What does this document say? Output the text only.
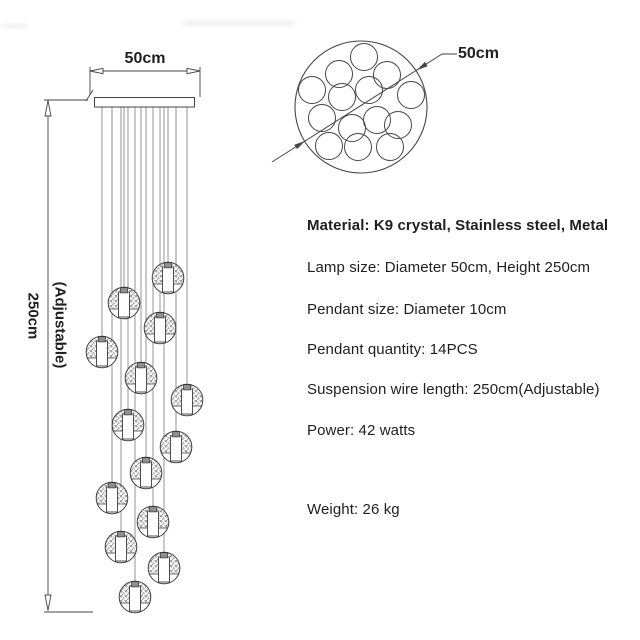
50cm
250cm (Adjustable)
50cm
Material: K9 crystal, Stainless steel, Metal
Lamp size: Diameter 50cm, Height 250cm
Pendant size: Diameter 10cm
Pendant quantity: 14PCS
Suspension wire length: 250cm(Adjustable)
Power: 42 watts
Weight: 26 kg
